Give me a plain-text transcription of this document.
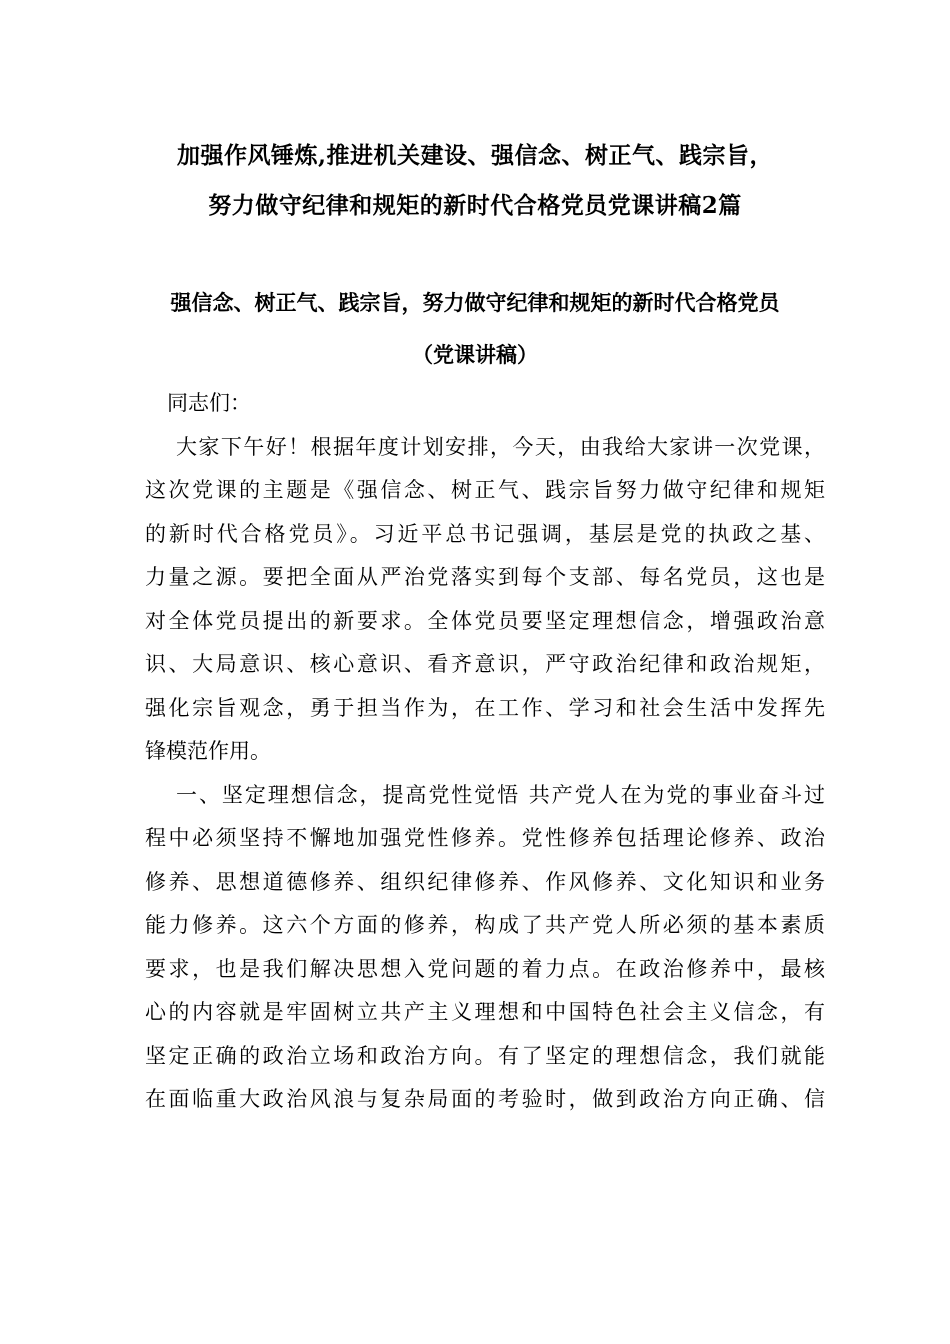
加强作风锤炼,推进机关建设、强信念、树正气、践宗旨，
努力做守纪律和规矩的新时代合格党员党课讲稿2篇
强信念、树正气、践宗旨，努力做守纪律和规矩的新时代合格党员
（党课讲稿）
同志们：
大家下午好！根据年度计划安排，今天，由我给大家讲一次党课，
这次党课的主题是《强信念、树正气、践宗旨努力做守纪律和规矩
的新时代合格党员》。习近平总书记强调，基层是党的执政之基、
力量之源。要把全面从严治党落实到每个支部、每名党员，这也是
对全体党员提出的新要求。全体党员要坚定理想信念，增强政治意
识、大局意识、核心意识、看齐意识，严守政治纪律和政治规矩，
强化宗旨观念，勇于担当作为，在工作、学习和社会生活中发挥先
锋模范作用。
一、坚定理想信念，提高党性觉悟 共产党人在为党的事业奋斗过
程中必须坚持不懈地加强党性修养。党性修养包括理论修养、政治
修养、思想道德修养、组织纪律修养、作风修养、文化知识和业务
能力修养。这六个方面的修养，构成了共产党人所必须的基本素质
要求，也是我们解决思想入党问题的着力点。在政治修养中，最核
心的内容就是牢固树立共产主义理想和中国特色社会主义信念，有
坚定正确的政治立场和政治方向。有了坚定的理想信念，我们就能
在面临重大政治风浪与复杂局面的考验时，做到政治方向正确、信
